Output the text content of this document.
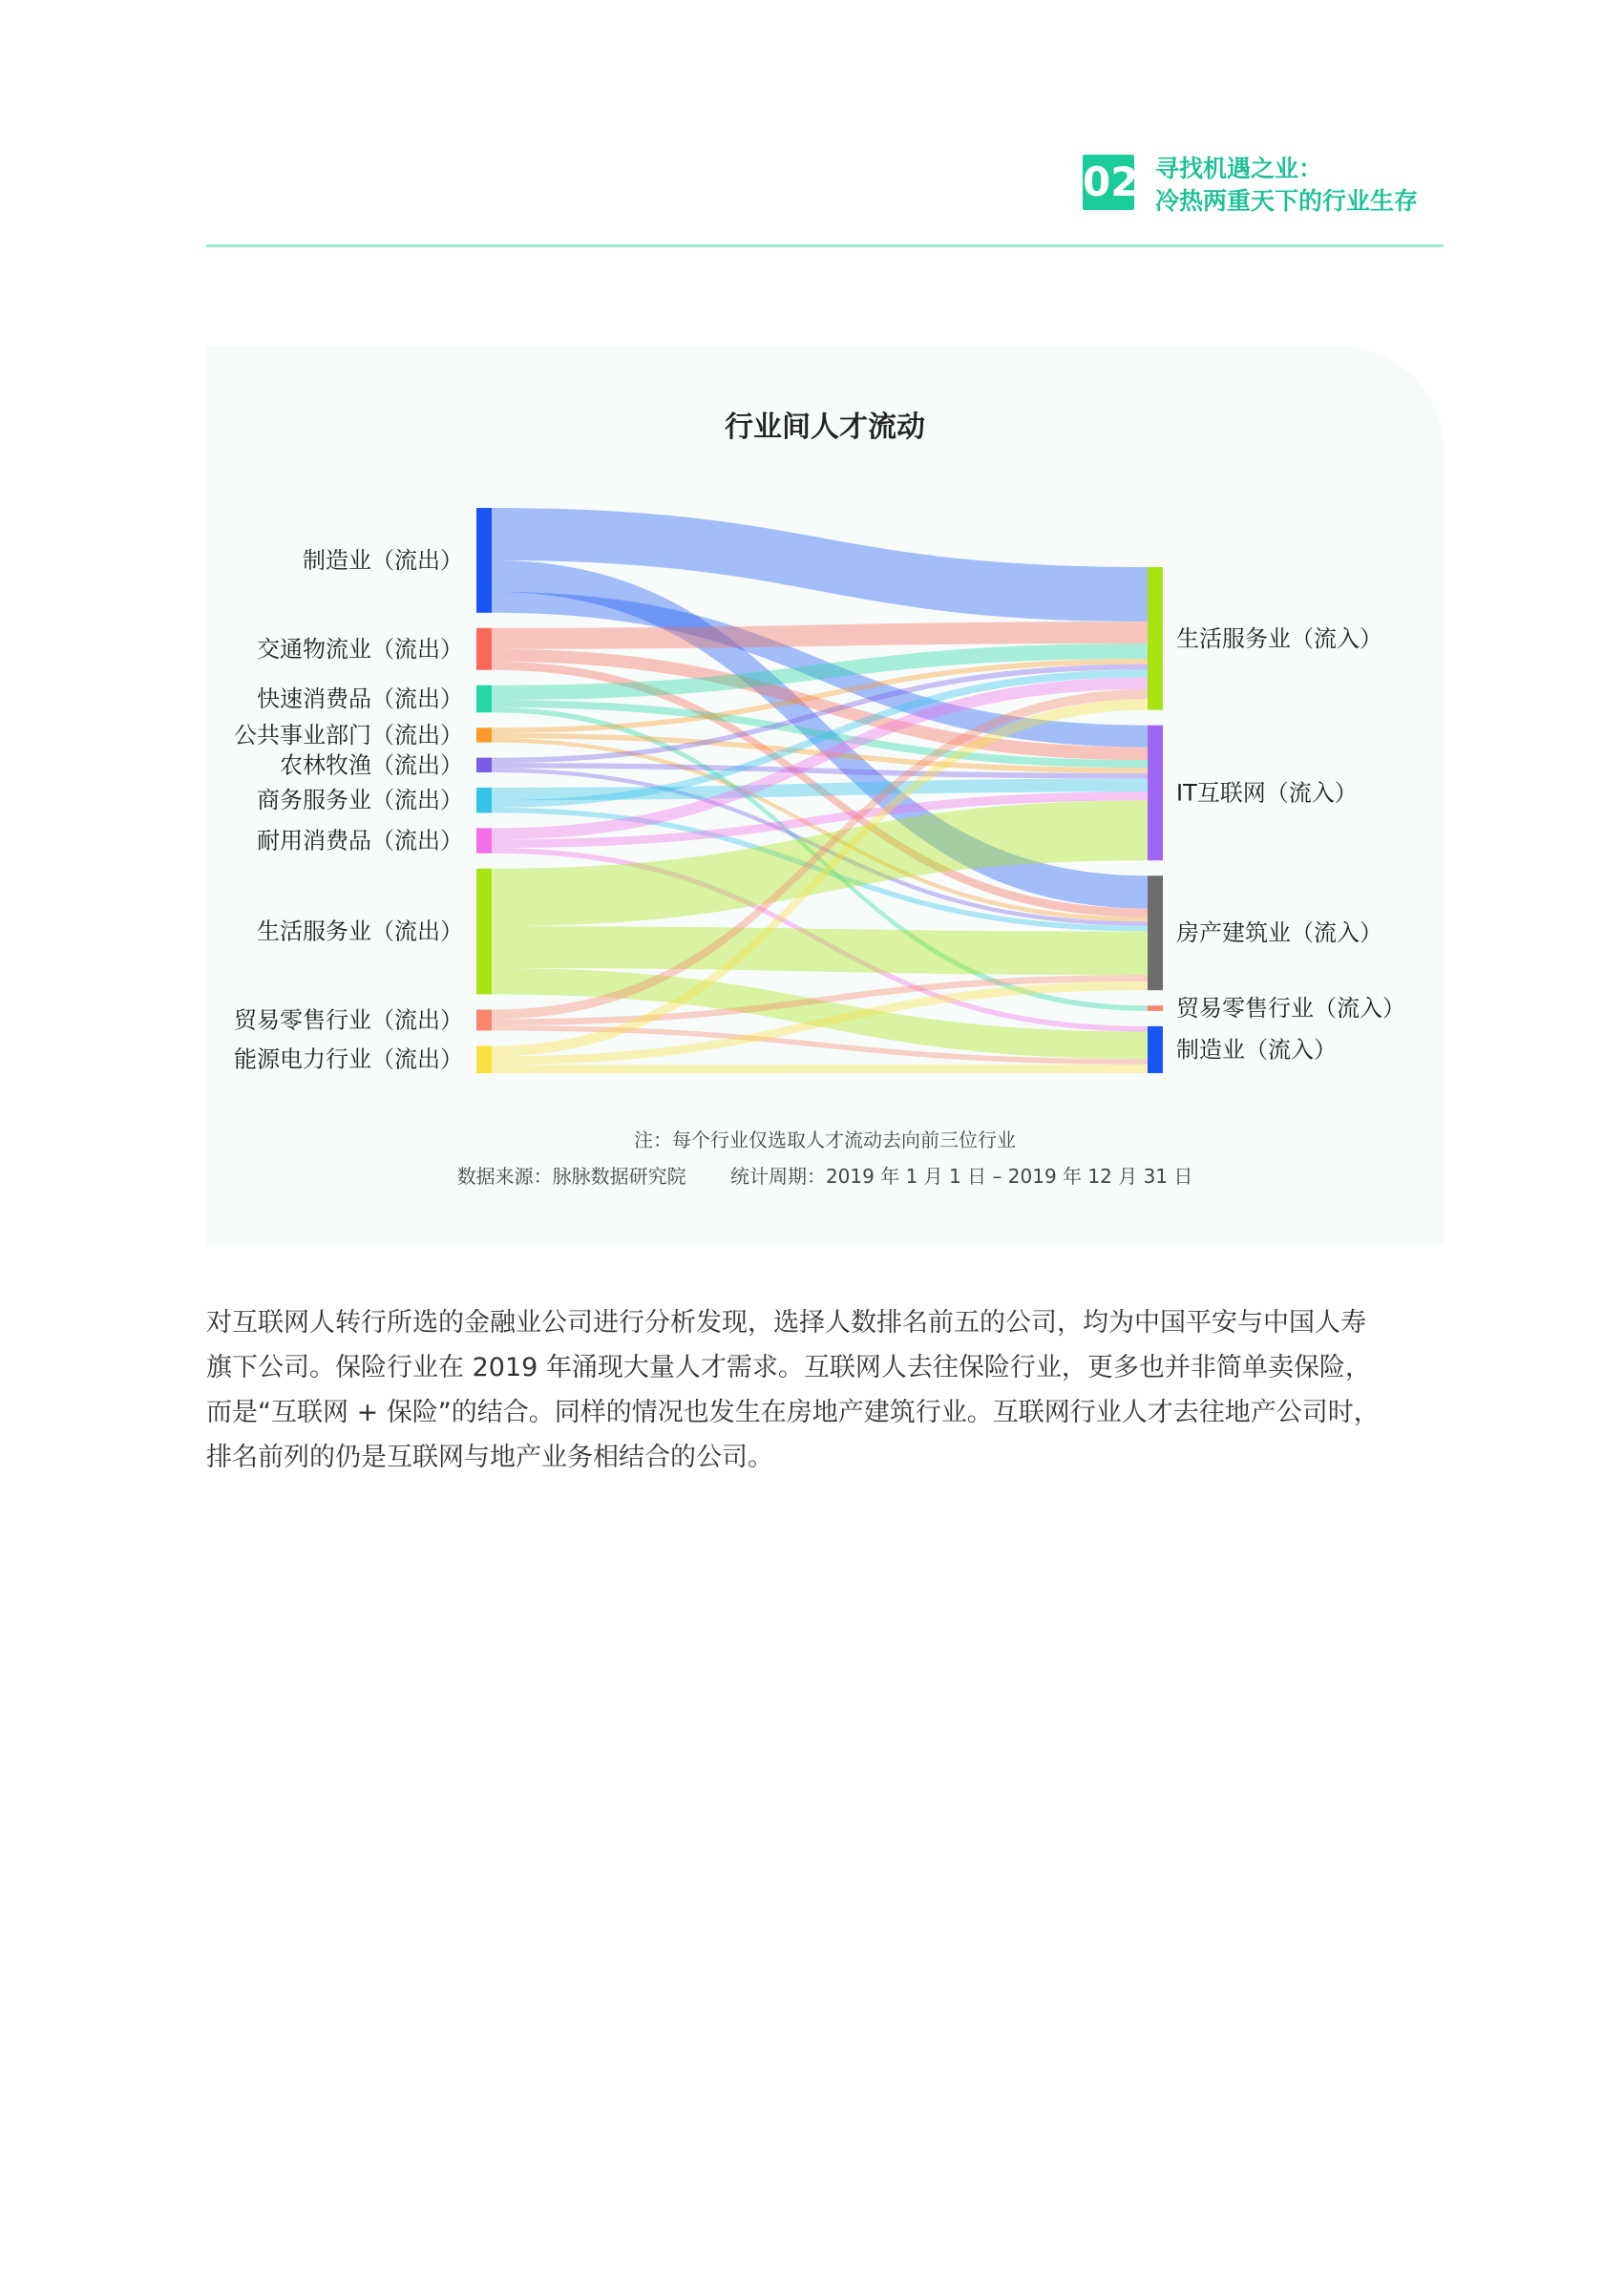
02 寻找机遇之业：
冷热两重天下的行业生存
制造业（流出）
交通物流业（流出）
快速消费品（流出）
公共事业部门（流出）
农林牧渔（流出）
商务服务业（流出）
耐用消费品（流出）
生活服务业（流出）
贸易零售行业（流出）
能源电力行业（流出）
生活服务业（流入）
IT互联网（流入）
房产建筑业（流入）
贸易零售行业（流入）
制造业（流入）
行业间人才流动
注：每个行业仅选取人才流动去向前三位行业
数据来源：脉脉数据研究院 统计周期：2019 年 1 月 1 日 – 2019 年 12 月 31 日

对互联网人转行所选的金融业公司进行分析发现，选择人数排名前五的公司，均为中国平安与中国人寿

旗下公司。保险行业在 2019 年涌现大量人才需求。互联网人去往保险行业，更多也并非简单卖保险，

而是“互联网 + 保险”的结合。同样的情况也发生在房地产建筑行业。互联网行业人才去往地产公司时，

排名前列的仍是互联网与地产业务相结合的公司。
